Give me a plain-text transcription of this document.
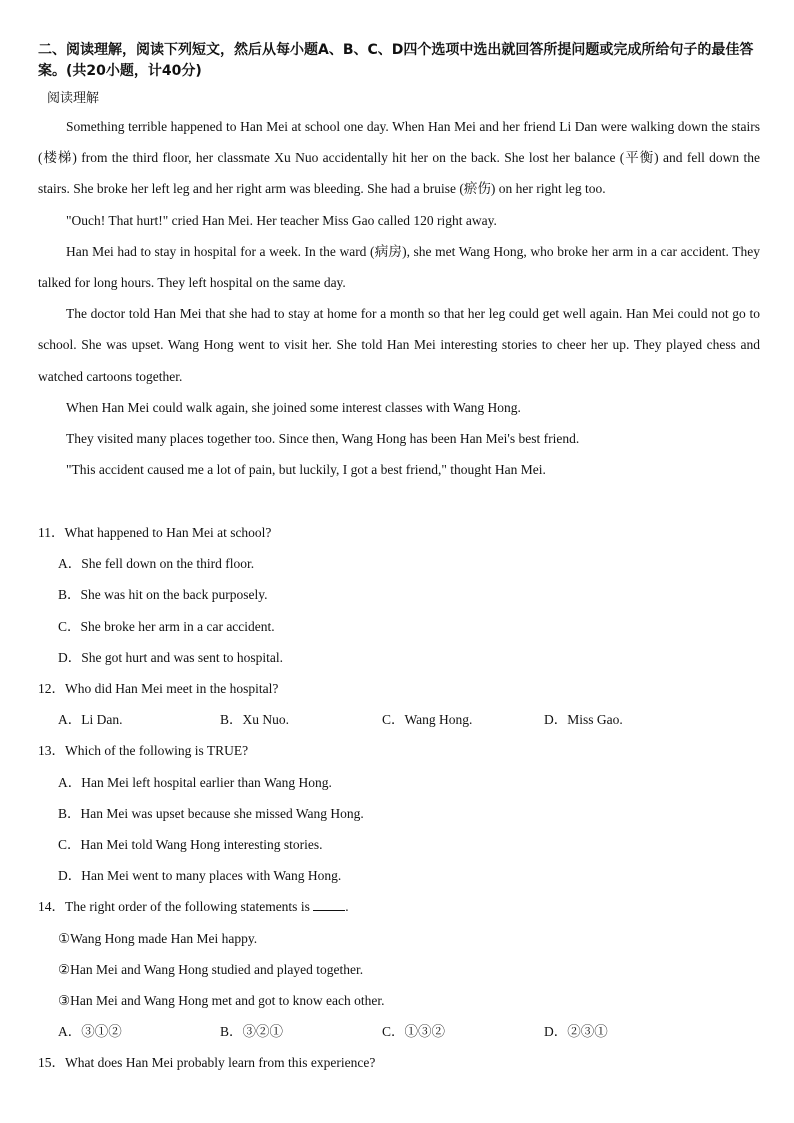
二、阅读理解，阅读下列短文，然后从每小题A、B、C、D四个选项中选出就回答所提问题或完成所给句子的最佳答案。(共20小题，计40分)
阅读理解

Something terrible happened to Han Mei at school one day. When Han Mei and her friend Li Dan were walking down the stairs (楼梯) from the third floor, her classmate Xu Nuo accidentally hit her on the back. She lost her balance (平衡) and fell down the stairs. She broke her left leg and her right arm was bleeding. She had a bruise (瘀伤) on her right leg too.

"Ouch! That hurt!" cried Han Mei. Her teacher Miss Gao called 120 right away.

Han Mei had to stay in hospital for a week. In the ward (病房), she met Wang Hong, who broke her arm in a car accident. They talked for long hours. They left hospital on the same day.

The doctor told Han Mei that she had to stay at home for a month so that her leg could get well again. Han Mei could not go to school. She was upset. Wang Hong went to visit her. She told Han Mei interesting stories to cheer her up. They played chess and watched cartoons together.

When Han Mei could walk again, she joined some interest classes with Wang Hong.

They visited many places together too. Since then, Wang Hong has been Han Mei's best friend.

"This accident caused me a lot of pain, but luckily, I got a best friend," thought Han Mei.

11．What happened to Han Mei at school?
A．She fell down on the third floor.
B．She was hit on the back purposely.
C．She broke her arm in a car accident.
D．She got hurt and was sent to hospital.
12．Who did Han Mei meet in the hospital?
A．Li Dan.	B．Xu Nuo.	C．Wang Hong.	D．Miss Gao.
13．Which of the following is TRUE?
A．Han Mei left hospital earlier than Wang Hong.
B．Han Mei was upset because she missed Wang Hong.
C．Han Mei told Wang Hong interesting stories.
D．Han Mei went to many places with Wang Hong.
14．The right order of the following statements is	.
①Wang Hong made Han Mei happy.
②Han Mei and Wang Hong studied and played together.
③Han Mei and Wang Hong met and got to know each other.
A．③①②	B．③②①	C．①③②	D．②③①
15．What does Han Mei probably learn from this experience?
